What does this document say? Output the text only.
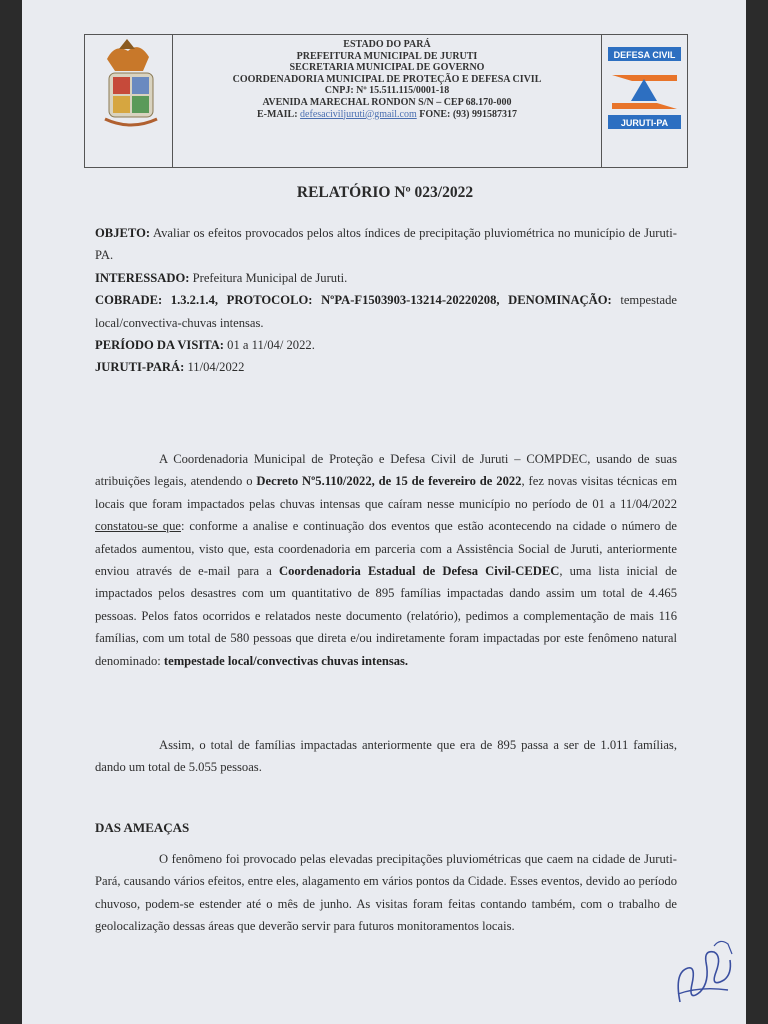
ESTADO DO PARÁ
PREFEITURA MUNICIPAL DE JURUTI
SECRETARIA MUNICIPAL DE GOVERNO
COORDENADORIA MUNICIPAL DE PROTEÇÃO E DEFESA CIVIL
CNPJ: Nº 15.511.115/0001-18
AVENIDA MARECHAL RONDON S/N – CEP 68.170-000
E-MAIL: defesacivil​juruti@gmail.com FONE: (93) 991587317
DEFESA CIVIL
JURUTI-PA
RELATÓRIO Nº 023/2022
OBJETO: Avaliar os efeitos provocados pelos altos índices de precipitação pluviométrica no município de Juruti-PA.
INTERESSADO: Prefeitura Municipal de Juruti.
COBRADE: 1.3.2.1.4, PROTOCOLO: NºPA-F1503903-13214-20220208, DENOMINAÇÃO: tempestade local/convectiva-chuvas intensas.
PERÍODO DA VISITA: 01 a 11/04/ 2022.
JURUTI-PARÁ: 11/04/2022
A Coordenadoria Municipal de Proteção e Defesa Civil de Juruti – COMPDEC, usando de suas atribuições legais, atendendo o Decreto Nº5.110/2022, de 15 de fevereiro de 2022, fez novas visitas técnicas em locais que foram impactados pelas chuvas intensas que caíram nesse município no período de 01 a 11/04/2022 constatou-se que: conforme a analise e continuação dos eventos que estão acontecendo na cidade o número de afetados aumentou, visto que, esta coordenadoria em parceria com a Assistência Social de Juruti, anteriormente enviou através de e-mail para a Coordenadoria Estadual de Defesa Civil-CEDEC, uma lista inicial de impactados pelos desastres com um quantitativo de 895 famílias impactadas dando assim um total de 4.465 pessoas. Pelos fatos ocorridos e relatados neste documento (relatório), pedimos a complementação de mais 116 famílias, com um total de 580 pessoas que direta e/ou indiretamente foram impactadas por este fenômeno natural denominado: tempestade local/convectivas chuvas intensas.
Assim, o total de famílias impactadas anteriormente que era de 895 passa a ser de 1.011 famílias, dando um total de 5.055 pessoas.
DAS AMEAÇAS
O fenômeno foi provocado pelas elevadas precipitações pluviométricas que caem na cidade de Juruti-Pará, causando vários efeitos, entre eles, alagamento em vários pontos da Cidade. Esses eventos, devido ao período chuvoso, podem-se estender até o mês de junho. As visitas foram feitas contando também, com o trabalho de geolocalização dessas áreas que deverão servir para futuros monitoramentos locais.
